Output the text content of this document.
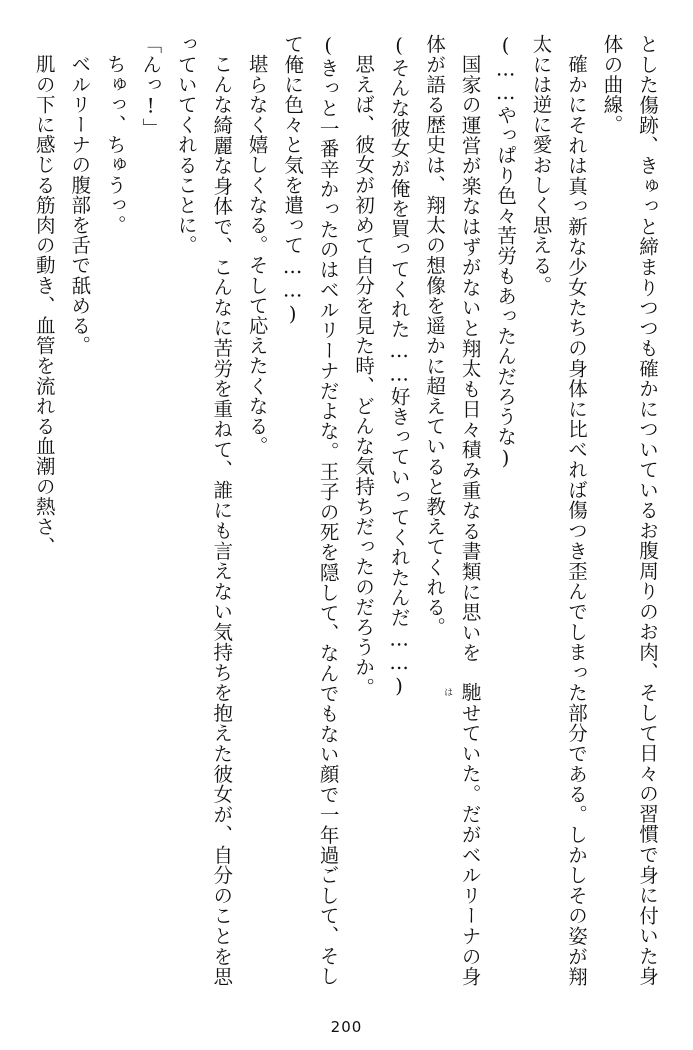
とした傷跡、きゅっと締まりつつも確かについているお腹周りのお肉、そして日々の習慣で身に付いた身体の曲線。

確かにそれは真っ新な少女たちの身体に比べれば傷つき歪んでしまった部分である。しかしその姿が翔太には逆に愛おしく思える。

(……やっぱり色々苦労もあったんだろうな)

国家の運営が楽なはずがないと翔太も日々積み重なる書類に思いを馳
は
せていた。だがベルリーナの身体が語る歴史は、翔太の想像を遥かに超えていると教えてくれる。

(そんな彼女が俺を買ってくれた……好きっていってくれたんだ……)

思えば、彼女が初めて自分を見た時、どんな気持ちだったのだろうか。

(きっと一番辛かったのはベルリーナだよな。王子の死を隠して、なんでもない顔で一年過ごして、そして俺に色々と気を遣って……)

堪らなく嬉しくなる。そして応えたくなる。

こんな綺麗な身体で、こんなに苦労を重ねて、誰にも言えない気持ちを抱えた彼女が、自分のことを思っていてくれることに。

「んっ!」

ちゅっ、ちゅうっ。

ベルリーナの腹部を舌で舐める。

肌の下に感じる筋肉の動き、血管を流れる血潮の熱さ、

200
